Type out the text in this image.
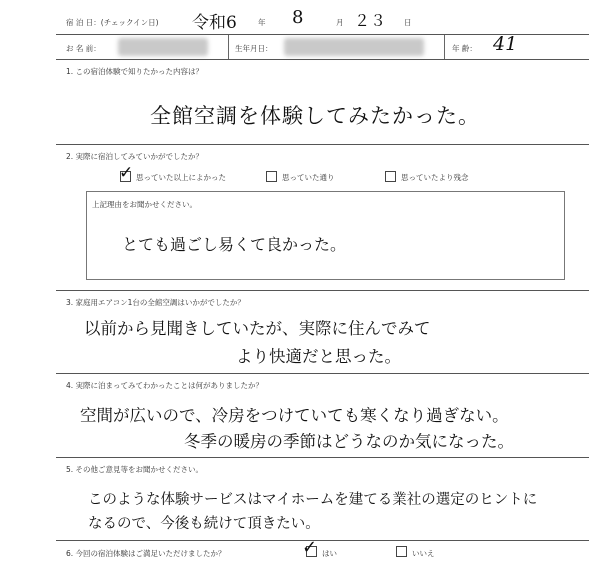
宿 泊 日：(チェックイン日) 令和6	年 8	月 ２３ 日
お 名 前：	生年月日：	年 齢： 41
1. この宿泊体験で知りたかった内容は？
全館空調を体験してみたかった。
2. 実際に宿泊してみていかがでしたか？
✓ 思っていた以上によかった	思っていた通り	思っていたより残念
上記理由をお聞かせください。
とても過ごし易くて良かった。
3. 家庭用エアコン1台の全館空調はいかがでしたか？
以前から見聞きしていたが、実際に住んでみて
より快適だと思った。
4. 実際に泊まってみてわかったことは何がありましたか？
空間が広いので、冷房をつけていても寒くなり過ぎない。
冬季の暖房の季節はどうなのか気になった。
5. その他ご意見等をお聞かせください。
このような体験サービスはマイホームを建てる業社の選定のヒントに
なるので、今後も続けて頂きたい。
6. 今回の宿泊体験はご満足いただけましたか？	✓ はい	いいえ
